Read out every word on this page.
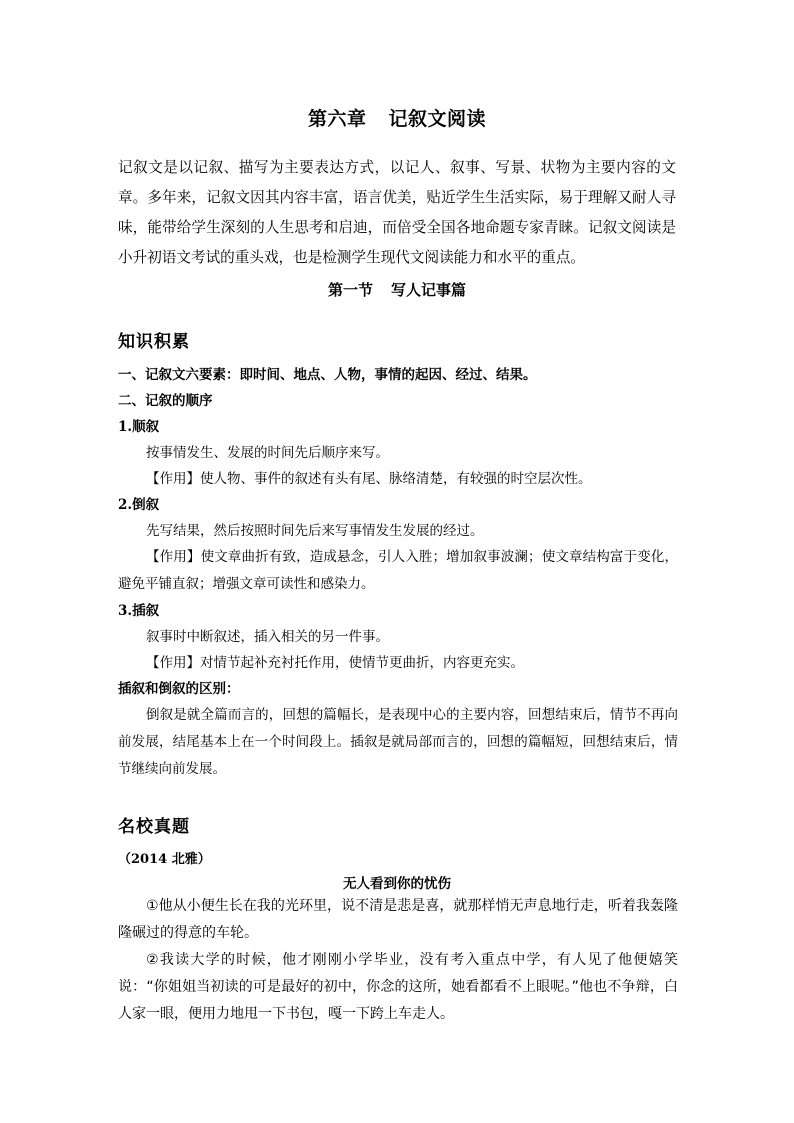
第六章 记叙文阅读
记叙文是以记叙、描写为主要表达方式，以记人、叙事、写景、状物为主要内容的文章。多年来，记叙文因其内容丰富，语言优美，贴近学生生活实际，易于理解又耐人寻味，能带给学生深刻的人生思考和启迪，而倍受全国各地命题专家青睐。记叙文阅读是小升初语文考试的重头戏，也是检测学生现代文阅读能力和水平的重点。
第一节 写人记事篇
知识积累

一、记叙文六要素：即时间、地点、人物，事情的起因、经过、结果。

二、记叙的顺序

1.顺叙

按事情发生、发展的时间先后顺序来写。

【作用】使人物、事件的叙述有头有尾、脉络清楚，有较强的时空层次性。

2.倒叙

先写结果，然后按照时间先后来写事情发生发展的经过。

【作用】使文章曲折有致，造成悬念，引人入胜；增加叙事波澜；使文章结构富于变化，避免平铺直叙；增强文章可读性和感染力。

3.插叙

叙事时中断叙述，插入相关的另一件事。

【作用】对情节起补充衬托作用，使情节更曲折，内容更充实。

插叙和倒叙的区别：

倒叙是就全篇而言的，回想的篇幅长，是表现中心的主要内容，回想结束后，情节不再向前发展，结尾基本上在一个时间段上。插叙是就局部而言的，回想的篇幅短，回想结束后，情节继续向前发展。

名校真题
（2014 北雅）
无人看到你的忧伤

①他从小便生长在我的光环里，说不清是悲是喜，就那样悄无声息地行走，听着我轰隆隆碾过的得意的车轮。

②我读大学的时候，他才刚刚小学毕业，没有考入重点中学，有人见了他便嬉笑说：“你姐姐当初读的可是最好的初中，你念的这所，她看都看不上眼呢。”他也不争辩，白人家一眼，便用力地甩一下书包，嘎一下跨上车走人。
